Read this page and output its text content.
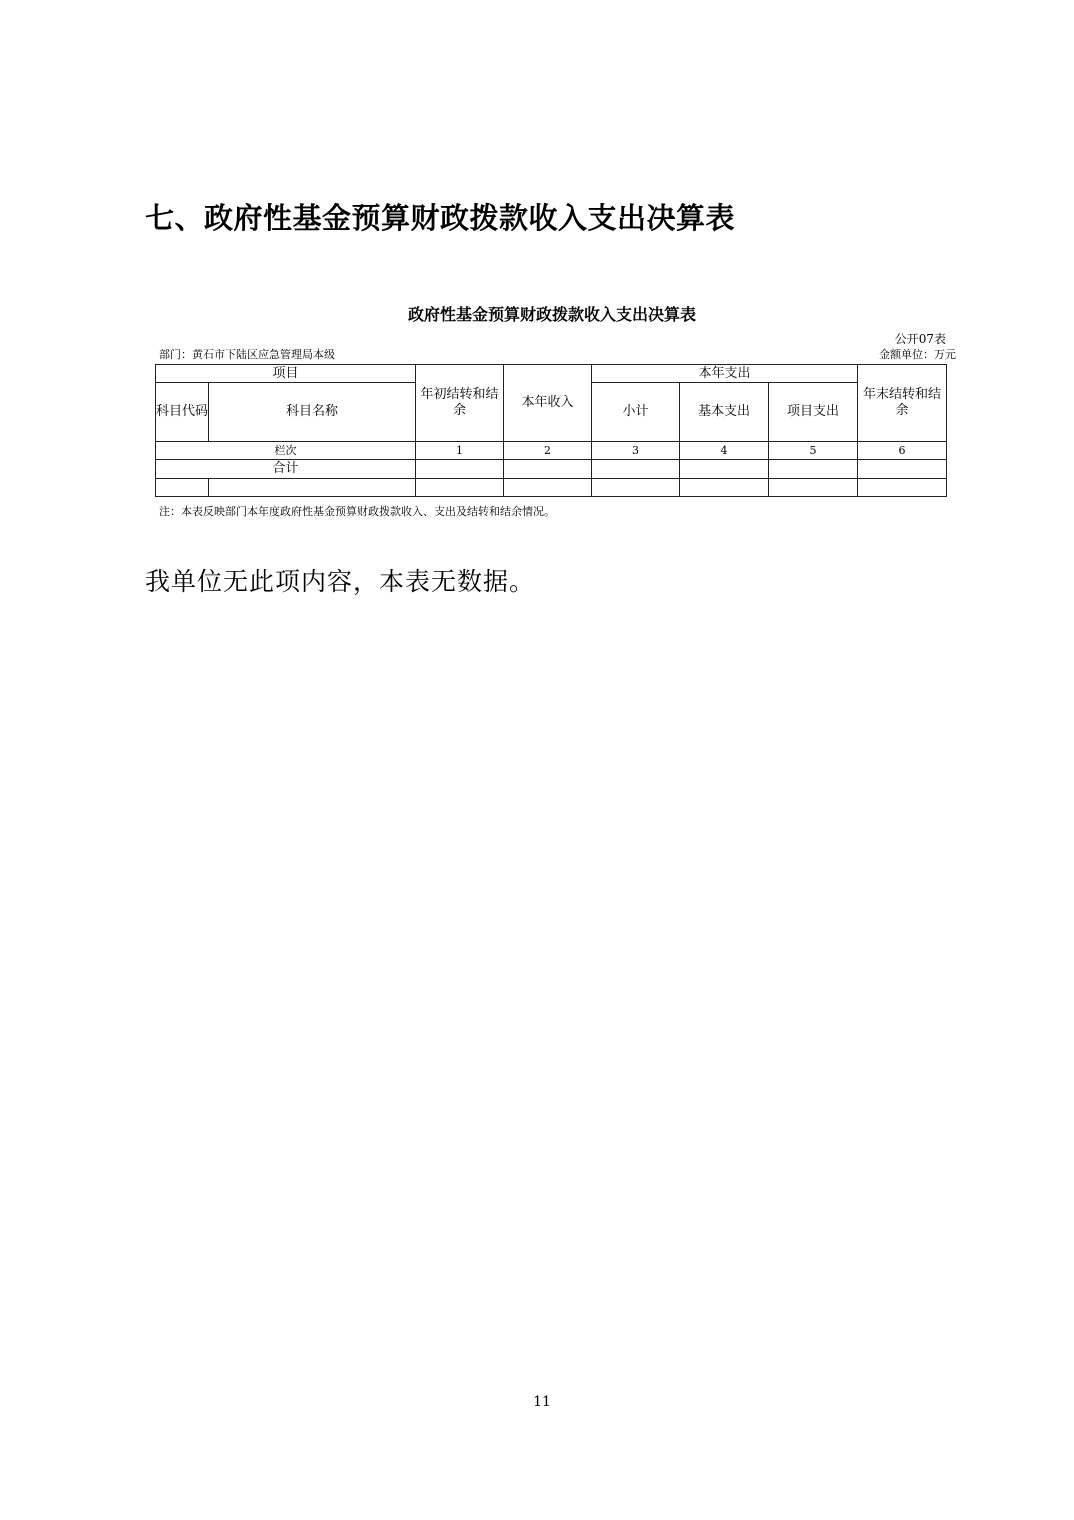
七、政府性基金预算财政拨款收入支出决算表
政府性基金预算财政拨款收入支出决算表
公开07表
部门：黄石市下陆区应急管理局本级	金额单位：万元
项目		年初结转和结余	本年收入	本年支出			年末结转和结余
科目代码	科目名称			小计	基本支出	项目支出	
栏次		1	2	3	4	5	6
合计							

注：本表反映部门本年度政府性基金预算财政拨款收入、支出及结转和结余情况。
我单位无此项内容，本表无数据。
11
